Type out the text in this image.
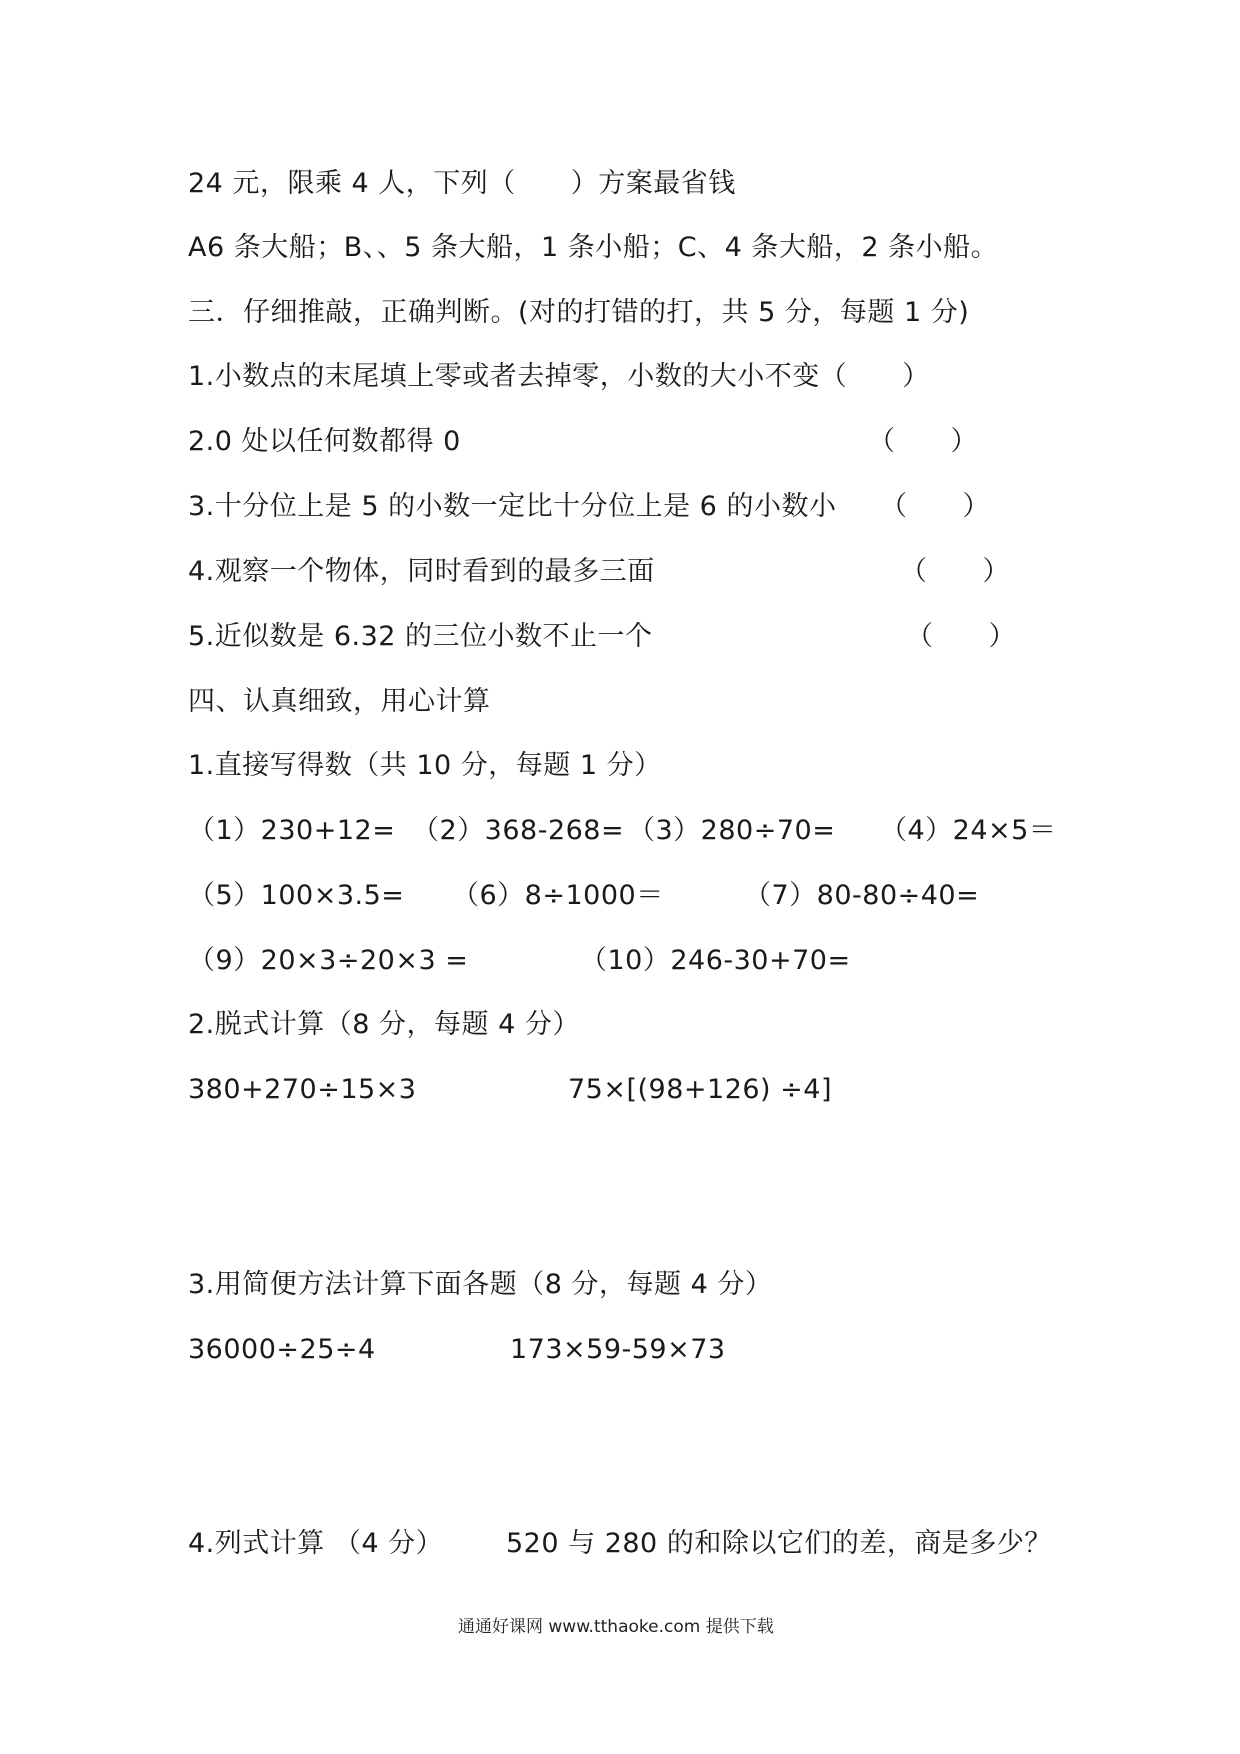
24 元，限乘 4 人，下列（　　）方案最省钱
A6 条大船；B、、5 条大船，1 条小船；C、4 条大船，2 条小船。
三．仔细推敲，正确判断。(对的打错的打，共 5 分，每题 1 分)
1.小数点的末尾填上零或者去掉零，小数的大小不变（　　）
2.0 处以任何数都得 0	（　　）
3.十分位上是 5 的小数一定比十分位上是 6 的小数小 （　　）
4.观察一个物体，同时看到的最多三面	（　　）
5.近似数是 6.32 的三位小数不止一个	（　　）
四、认真细致，用心计算
1.直接写得数（共 10 分，每题 1 分）
（1）230+12= （2）368-268= （3）280÷70= （4）24×5＝
（5）100×3.5= （6）8÷1000＝	（7）80-80÷40=
（9）20×3÷20×3 =	（10）246-30+70=
2.脱式计算（8 分，每题 4 分）
380+270÷15×3	75×[(98+126) ÷4]
3.用简便方法计算下面各题（8 分，每题 4 分）
36000÷25÷4	173×59-59×73
4.列式计算 （4 分） 520 与 280 的和除以它们的差，商是多少？
通通好课网 www.tthaoke.com 提供下载
